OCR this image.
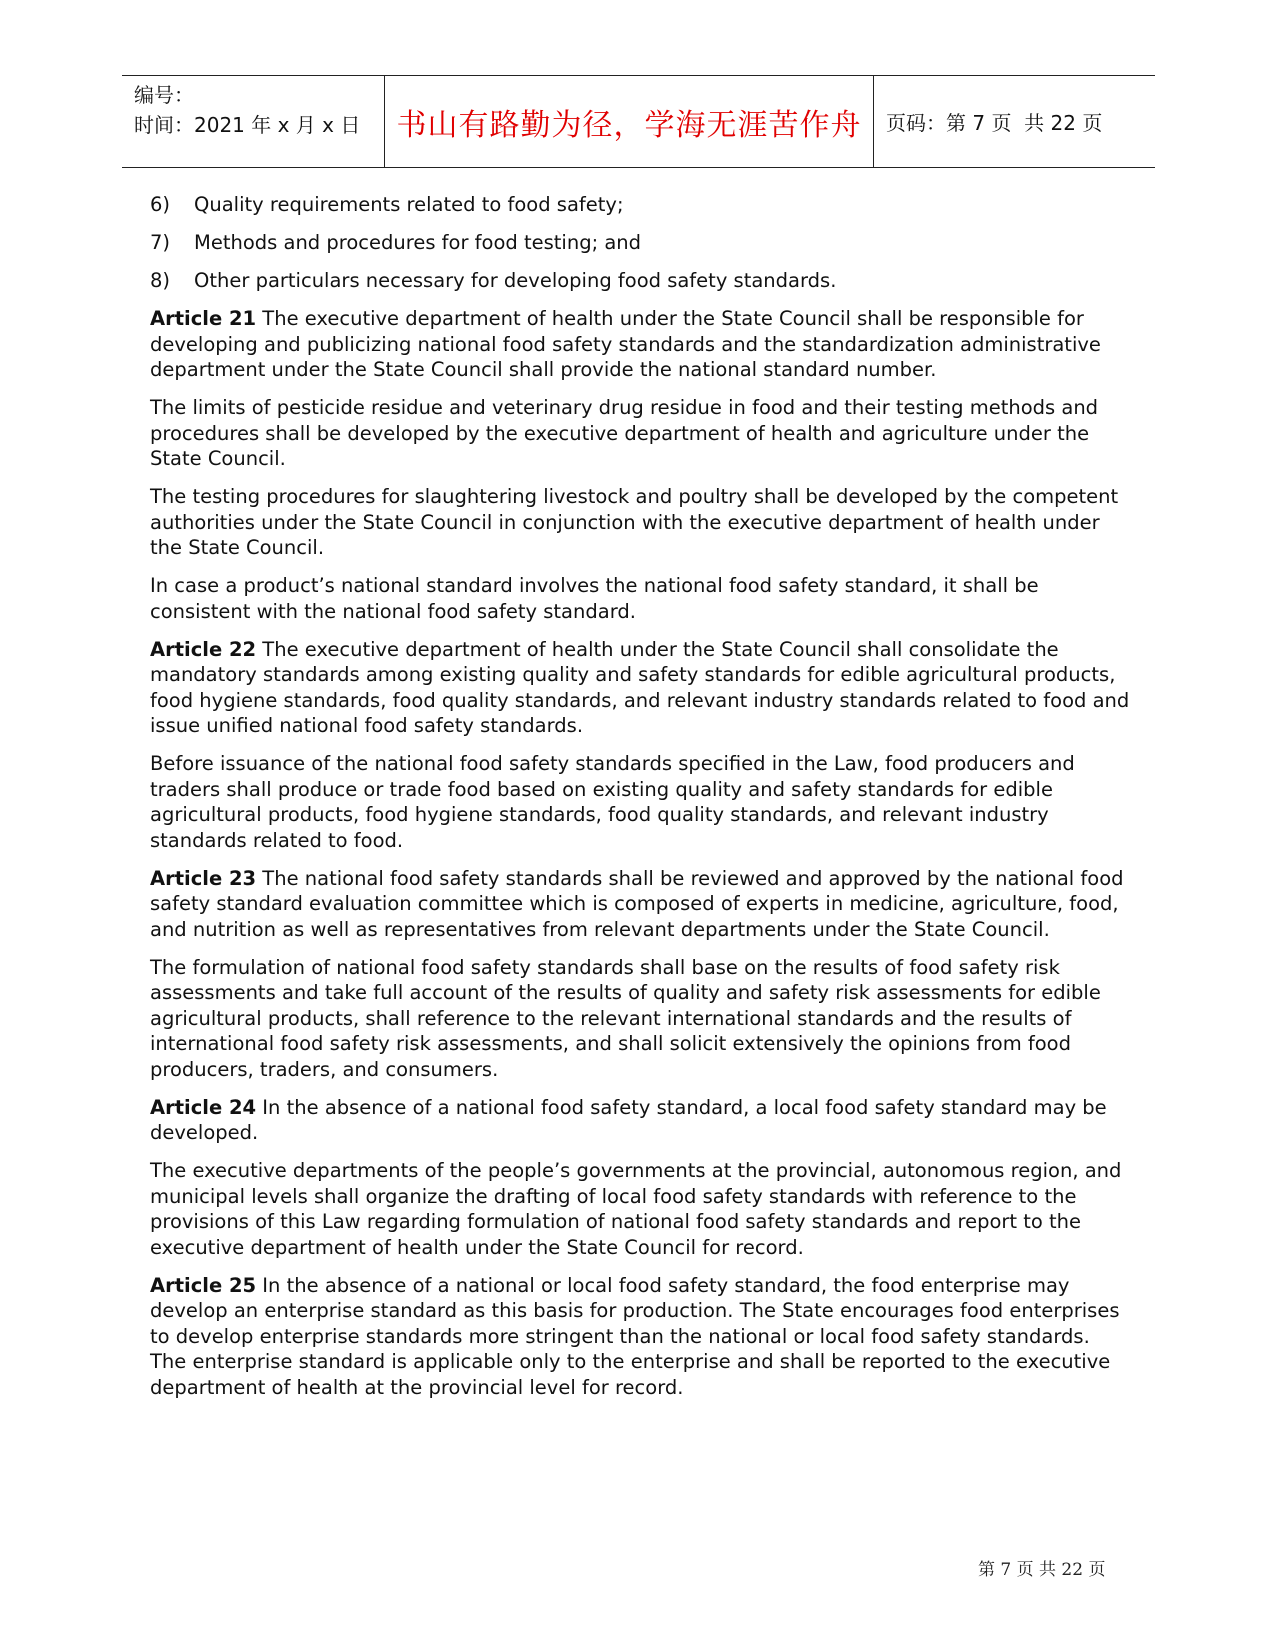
编号：
时间：2021 年 x 月 x 日	书山有路勤为径，学海无涯苦作舟	页码：第 7 页  共 22 页
6)	Quality requirements related to food safety;
7)	Methods and procedures for food testing; and
8)	Other particulars necessary for developing food safety standards.

Article 21 The executive department of health under the State Council shall be responsible for developing and publicizing national food safety standards and the standardization administrative department under the State Council shall provide the national standard number.

The limits of pesticide residue and veterinary drug residue in food and their testing methods and procedures shall be developed by the executive department of health and agriculture under the State Council.

The testing procedures for slaughtering livestock and poultry shall be developed by the competent authorities under the State Council in conjunction with the executive department of health under the State Council.

In case a product’s national standard involves the national food safety standard, it shall be consistent with the national food safety standard.

Article 22 The executive department of health under the State Council shall consolidate the mandatory standards among existing quality and safety standards for edible agricultural products, food hygiene standards, food quality standards, and relevant industry standards related to food and issue unified national food safety standards.

Before issuance of the national food safety standards specified in the Law, food producers and traders shall produce or trade food based on existing quality and safety standards for edible agricultural products, food hygiene standards, food quality standards, and relevant industry standards related to food.

Article 23 The national food safety standards shall be reviewed and approved by the national food safety standard evaluation committee which is composed of experts in medicine, agriculture, food, and nutrition as well as representatives from relevant departments under the State Council.

The formulation of national food safety standards shall base on the results of food safety risk assessments and take full account of the results of quality and safety risk assessments for edible agricultural products, shall reference to the relevant international standards and the results of international food safety risk assessments, and shall solicit extensively the opinions from food producers, traders, and consumers.

Article 24 In the absence of a national food safety standard, a local food safety standard may be developed.

The executive departments of the people’s governments at the provincial, autonomous region, and municipal levels shall organize the drafting of local food safety standards with reference to the provisions of this Law regarding formulation of national food safety standards and report to the executive department of health under the State Council for record.

Article 25 In the absence of a national or local food safety standard, the food enterprise may develop an enterprise standard as this basis for production. The State encourages food enterprises to develop enterprise standards more stringent than the national or local food safety standards. The enterprise standard is applicable only to the enterprise and shall be reported to the executive department of health at the provincial level for record.

第 7 页 共 22 页
